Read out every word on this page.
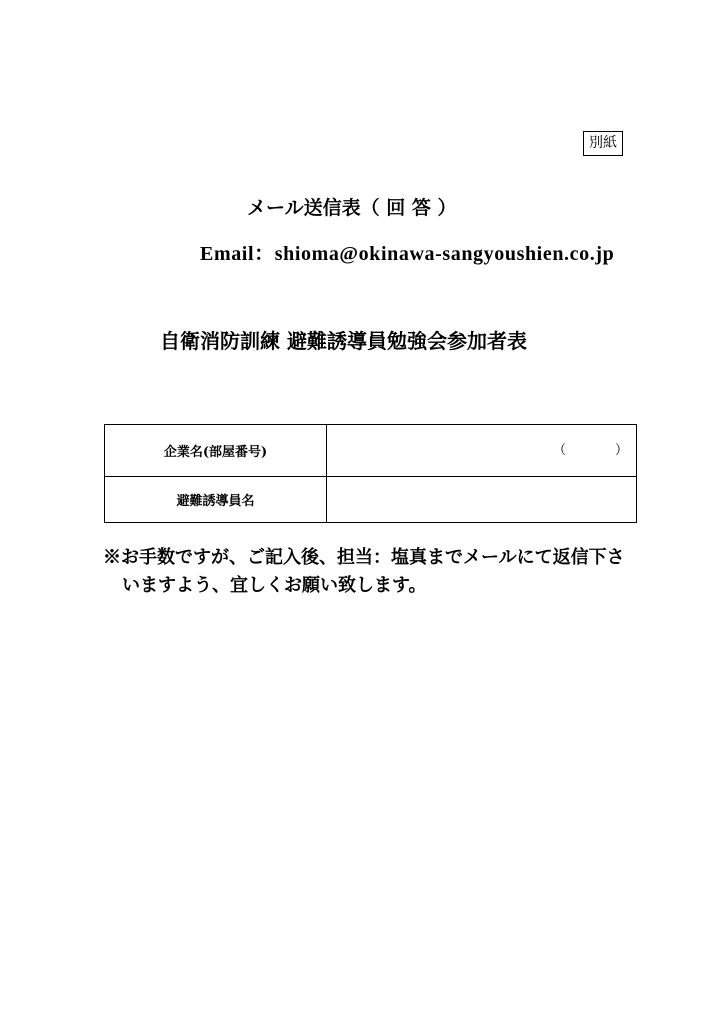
別紙
メール送信表（ 回 答 ）
Email：shioma@okinawa-sangyoushien.co.jp
自衛消防訓練 避難誘導員勉強会参加者表
企業名(部屋番号)	（	）
避難誘導員名
※お手数ですが、ご記入後、担当：塩真までメールにて返信下さ
いますよう、宜しくお願い致します。
